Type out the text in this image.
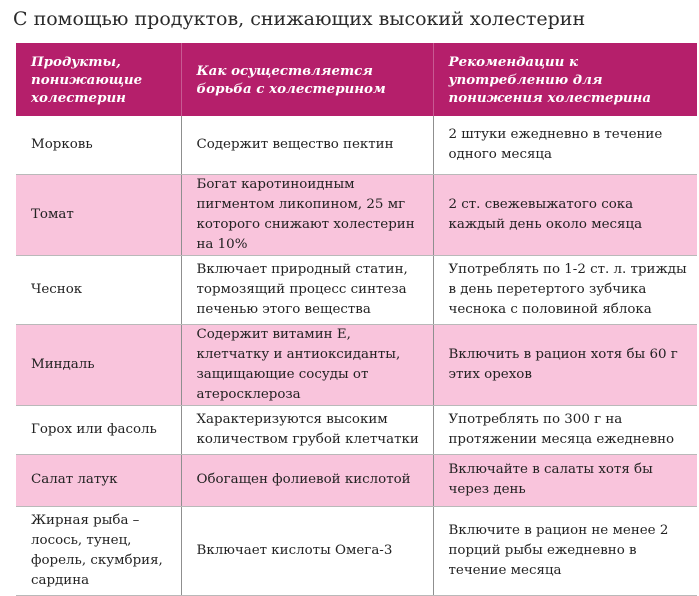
С помощью продуктов, снижающих высокий холестерин
Продукты, понижающие холестерин	Как осуществляется борьба с холестерином	Рекомендации к употреблению для понижения холестерина
Морковь	Содержит вещество пектин	2 штуки ежедневно в течение одного месяца
Томат	Богат каротиноидным пигментом ликопином, 25 мг которого снижают холестерин на 10%	2 ст. свежевыжатого сока каждый день около месяца
Чеснок	Включает природный статин, тормозящий процесс синтеза печенью этого вещества	Употреблять по 1-2 ст. л. трижды в день перетертого зубчика чеснока с половиной яблока
Миндаль	Содержит витамин Е, клетчатку и антиоксиданты, защищающие сосуды от атеросклероза	Включить в рацион хотя бы 60 г этих орехов
Горох или фасоль	Характеризуются высоким количеством грубой клетчатки	Употреблять по 300 г на протяжении месяца ежедневно
Салат латук	Обогащен фолиевой кислотой	Включайте в салаты хотя бы через день
Жирная рыба – лосось, тунец, форель, скумбрия, сардина	Включает кислоты Омега-3	Включите в рацион не менее 2 порций рыбы ежедневно в течение месяца
